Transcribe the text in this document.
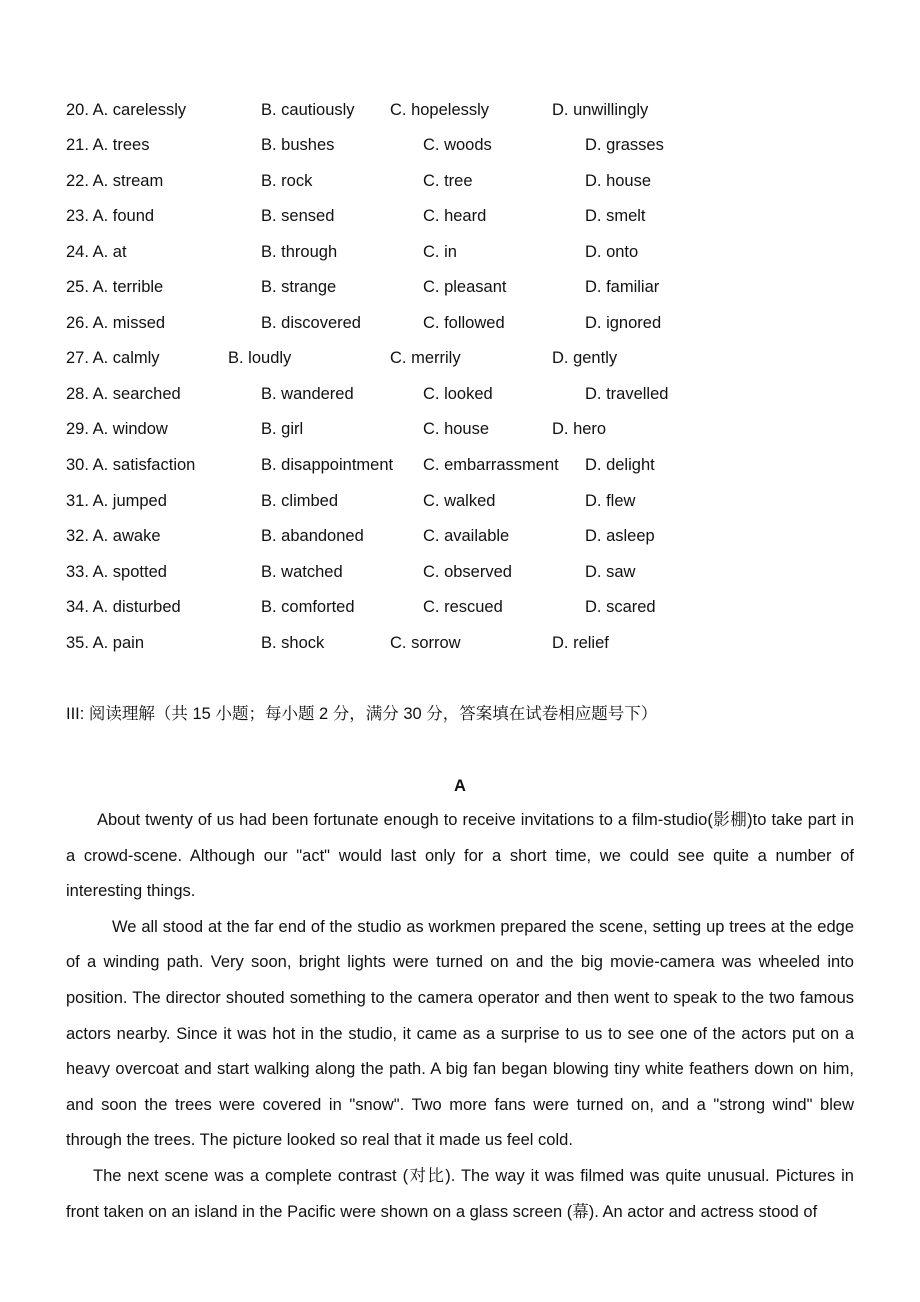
20. A. carelessly	B. cautiously C. hopelessly	D. unwillingly
21. A. trees	B. bushes	C. woods	D. grasses
22. A. stream	B. rock	C. tree	D. house
23. A. found	B. sensed	C. heard	D. smelt
24. A. at	B. through	C. in	D. onto
25. A. terrible	B. strange	C. pleasant	D. familiar
26. A. missed	B. discovered	C. followed	D. ignored
27. A. calmly	B. loudly	C. merrily	D. gently
28. A. searched	B. wandered	C. looked	D. travelled
29. A. window	B. girl	C. house	D. hero
30. A. satisfaction	B. disappointment C. embarrassment D. delight
31. A. jumped	B. climbed	C. walked	D. flew
32. A. awake	B. abandoned	C. available	D. asleep
33. A. spotted	B. watched	C. observed	D. saw
34. A. disturbed	B. comforted	C. rescued	D. scared
35. A. pain	B. shock	C. sorrow	D. relief
III: 阅读理解（共 15 小题；每小题 2 分，满分 30 分，答案填在试卷相应题号下）
A

About twenty of us had been fortunate enough to receive invitations to a film-studio(影棚)to take part in a crowd-scene. Although our "act" would last only for a short time, we could see quite a number of interesting things.

We all stood at the far end of the studio as workmen prepared the scene, setting up trees at the edge of a winding path. Very soon, bright lights were turned on and the big movie-camera was wheeled into position. The director shouted something to the camera operator and then went to speak to the two famous actors nearby. Since it was hot in the studio, it came as a surprise to us to see one of the actors put on a heavy overcoat and start walking along the path. A big fan began blowing tiny white feathers down on him, and soon the trees were covered in "snow". Two more fans were turned on, and a "strong wind" blew through the trees. The picture looked so real that it made us feel cold.

The next scene was a complete contrast (对比). The way it was filmed was quite unusual. Pictures in front taken on an island in the Pacific were shown on a glass screen (幕). An actor and actress stood of
